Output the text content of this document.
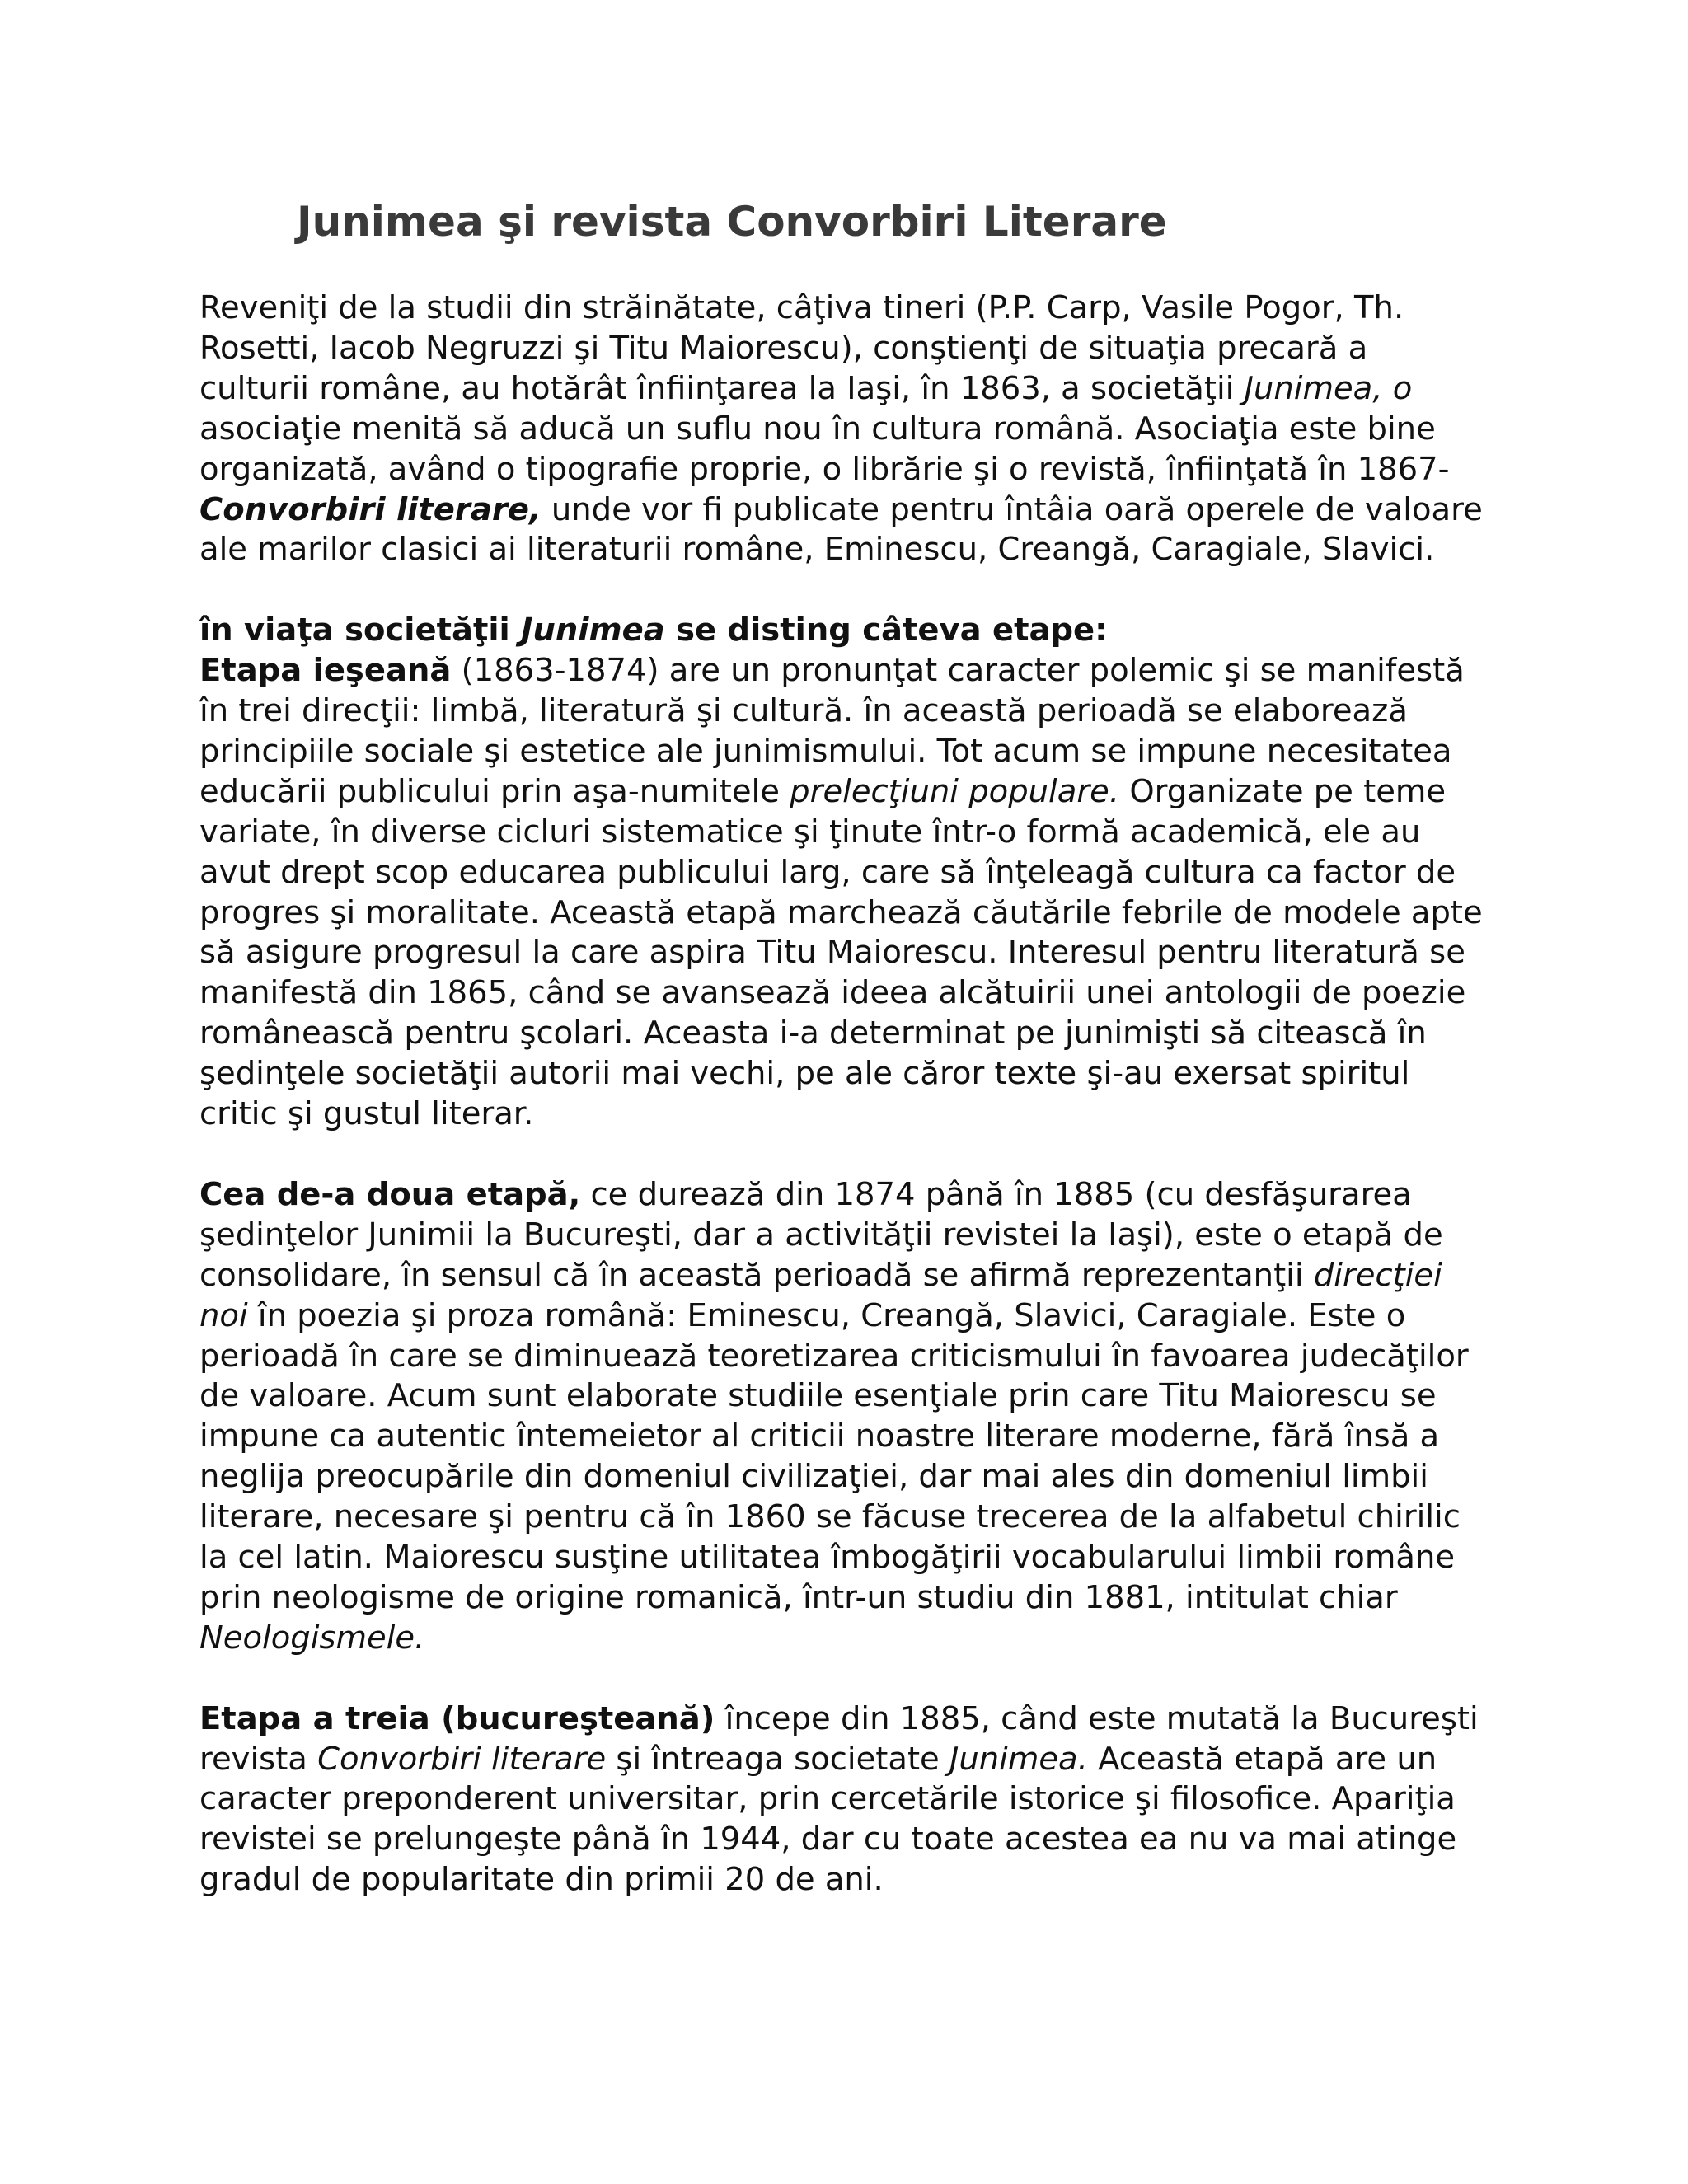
Junimea şi revista Convorbiri Literare

Reveniţi de la studii din străinătate, câţiva tineri (P.P. Carp, Vasile Pogor, Th. Rosetti, Iacob Negruzzi şi Titu Maiorescu), conştienţi de situaţia precară a culturii române, au hotărât înfiinţarea la Iaşi, în 1863, a societăţii Junimea, o asociaţie menită să aducă un suflu nou în cultura română. Asociaţia este bine organizată, având o tipografie proprie, o librărie şi o revistă, înfiinţată în 1867-Convorbiri literare, unde vor fi publicate pentru întâia oară operele de valoare ale marilor clasici ai literaturii române, Eminescu, Creangă, Caragiale, Slavici.

în viaţa societăţii Junimea se disting câteva etape:

Etapa ieşeană (1863-1874) are un pronunţat caracter polemic şi se manifestă în trei direcţii: limbă, literatură şi cultură. în această perioadă se elaborează principiile sociale şi estetice ale junimismului. Tot acum se impune necesitatea educării publicului prin aşa-numitele prelecţiuni populare. Organizate pe teme variate, în diverse cicluri sistematice şi ţinute într-o formă academică, ele au avut drept scop educarea publicului larg, care să înţeleagă cultura ca factor de progres şi moralitate. Această etapă marchează căutările febrile de modele apte să asigure progresul la care aspira Titu Maiorescu. Interesul pentru literatură se manifestă din 1865, când se avansează ideea alcătuirii unei antologii de poezie românească pentru şcolari. Aceasta i-a determinat pe junimişti să citească în şedinţele societăţii autorii mai vechi, pe ale căror texte şi-au exersat spiritul critic şi gustul literar.

Cea de-a doua etapă, ce durează din 1874 până în 1885 (cu desfăşurarea şedinţelor Junimii la Bucureşti, dar a activităţii revistei la Iaşi), este o etapă de consolidare, în sensul că în această perioadă se afirmă reprezentanţii direcţiei noi în poezia şi proza română: Eminescu, Creangă, Slavici, Caragiale. Este o perioadă în care se diminuează teoretizarea criticismului în favoarea judecăţilor de valoare. Acum sunt elaborate studiile esenţiale prin care Titu Maiorescu se impune ca autentic întemeietor al criticii noastre literare moderne, fără însă a neglija preocupările din domeniul civilizaţiei, dar mai ales din domeniul limbii literare, necesare şi pentru că în 1860 se făcuse trecerea de la alfabetul chirilic la cel latin. Maiorescu susţine utilitatea îmbogăţirii vocabularului limbii române prin neologisme de origine romanică, într-un studiu din 1881, intitulat chiar Neologismele.

Etapa a treia (bucureşteană) începe din 1885, când este mutată la Bucureşti revista Convorbiri literare şi întreaga societate Junimea. Această etapă are un caracter preponderent universitar, prin cercetările istorice şi filosofice. Apariţia revistei se prelungeşte până în 1944, dar cu toate acestea ea nu va mai atinge gradul de popularitate din primii 20 de ani.
